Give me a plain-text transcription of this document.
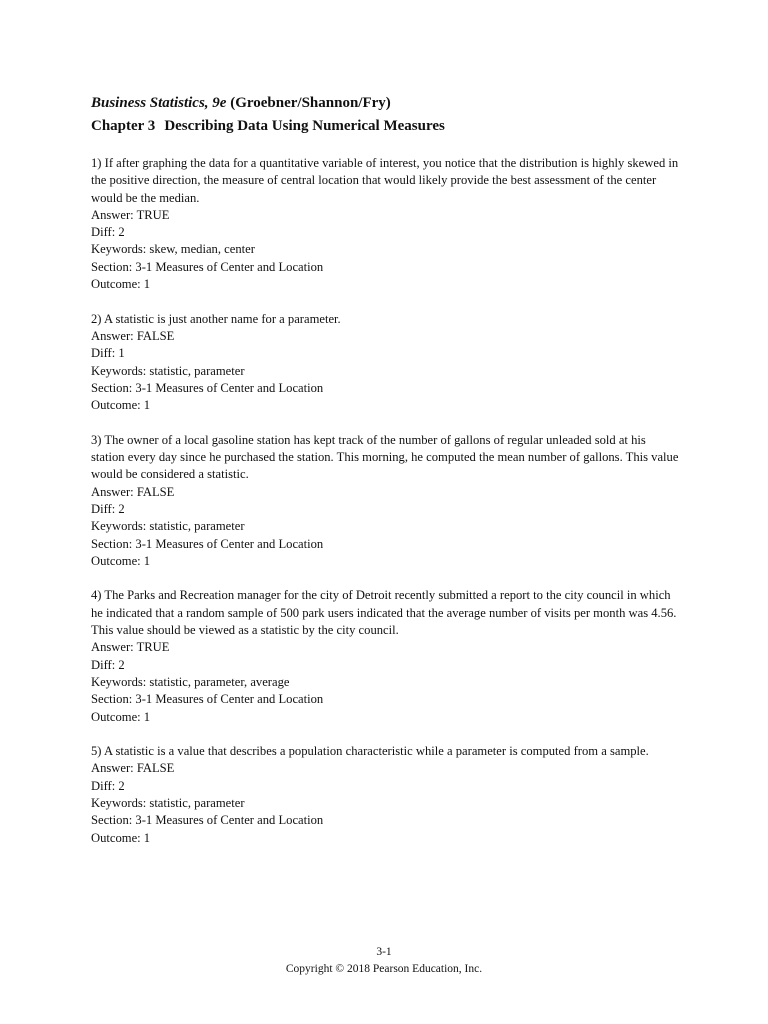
Business Statistics, 9e (Groebner/Shannon/Fry)
Chapter 3 Describing Data Using Numerical Measures
1) If after graphing the data for a quantitative variable of interest, you notice that the distribution is highly skewed in the positive direction, the measure of central location that would likely provide the best assessment of the center would be the median.
Answer: TRUE
Diff: 2
Keywords: skew, median, center
Section: 3-1 Measures of Center and Location
Outcome: 1
2) A statistic is just another name for a parameter.
Answer: FALSE
Diff: 1
Keywords: statistic, parameter
Section: 3-1 Measures of Center and Location
Outcome: 1
3) The owner of a local gasoline station has kept track of the number of gallons of regular unleaded sold at his station every day since he purchased the station. This morning, he computed the mean number of gallons. This value would be considered a statistic.
Answer: FALSE
Diff: 2
Keywords: statistic, parameter
Section: 3-1 Measures of Center and Location
Outcome: 1
4) The Parks and Recreation manager for the city of Detroit recently submitted a report to the city council in which he indicated that a random sample of 500 park users indicated that the average number of visits per month was 4.56. This value should be viewed as a statistic by the city council.
Answer: TRUE
Diff: 2
Keywords: statistic, parameter, average
Section: 3-1 Measures of Center and Location
Outcome: 1
5) A statistic is a value that describes a population characteristic while a parameter is computed from a sample.
Answer: FALSE
Diff: 2
Keywords: statistic, parameter
Section: 3-1 Measures of Center and Location
Outcome: 1
3-1
Copyright © 2018 Pearson Education, Inc.
